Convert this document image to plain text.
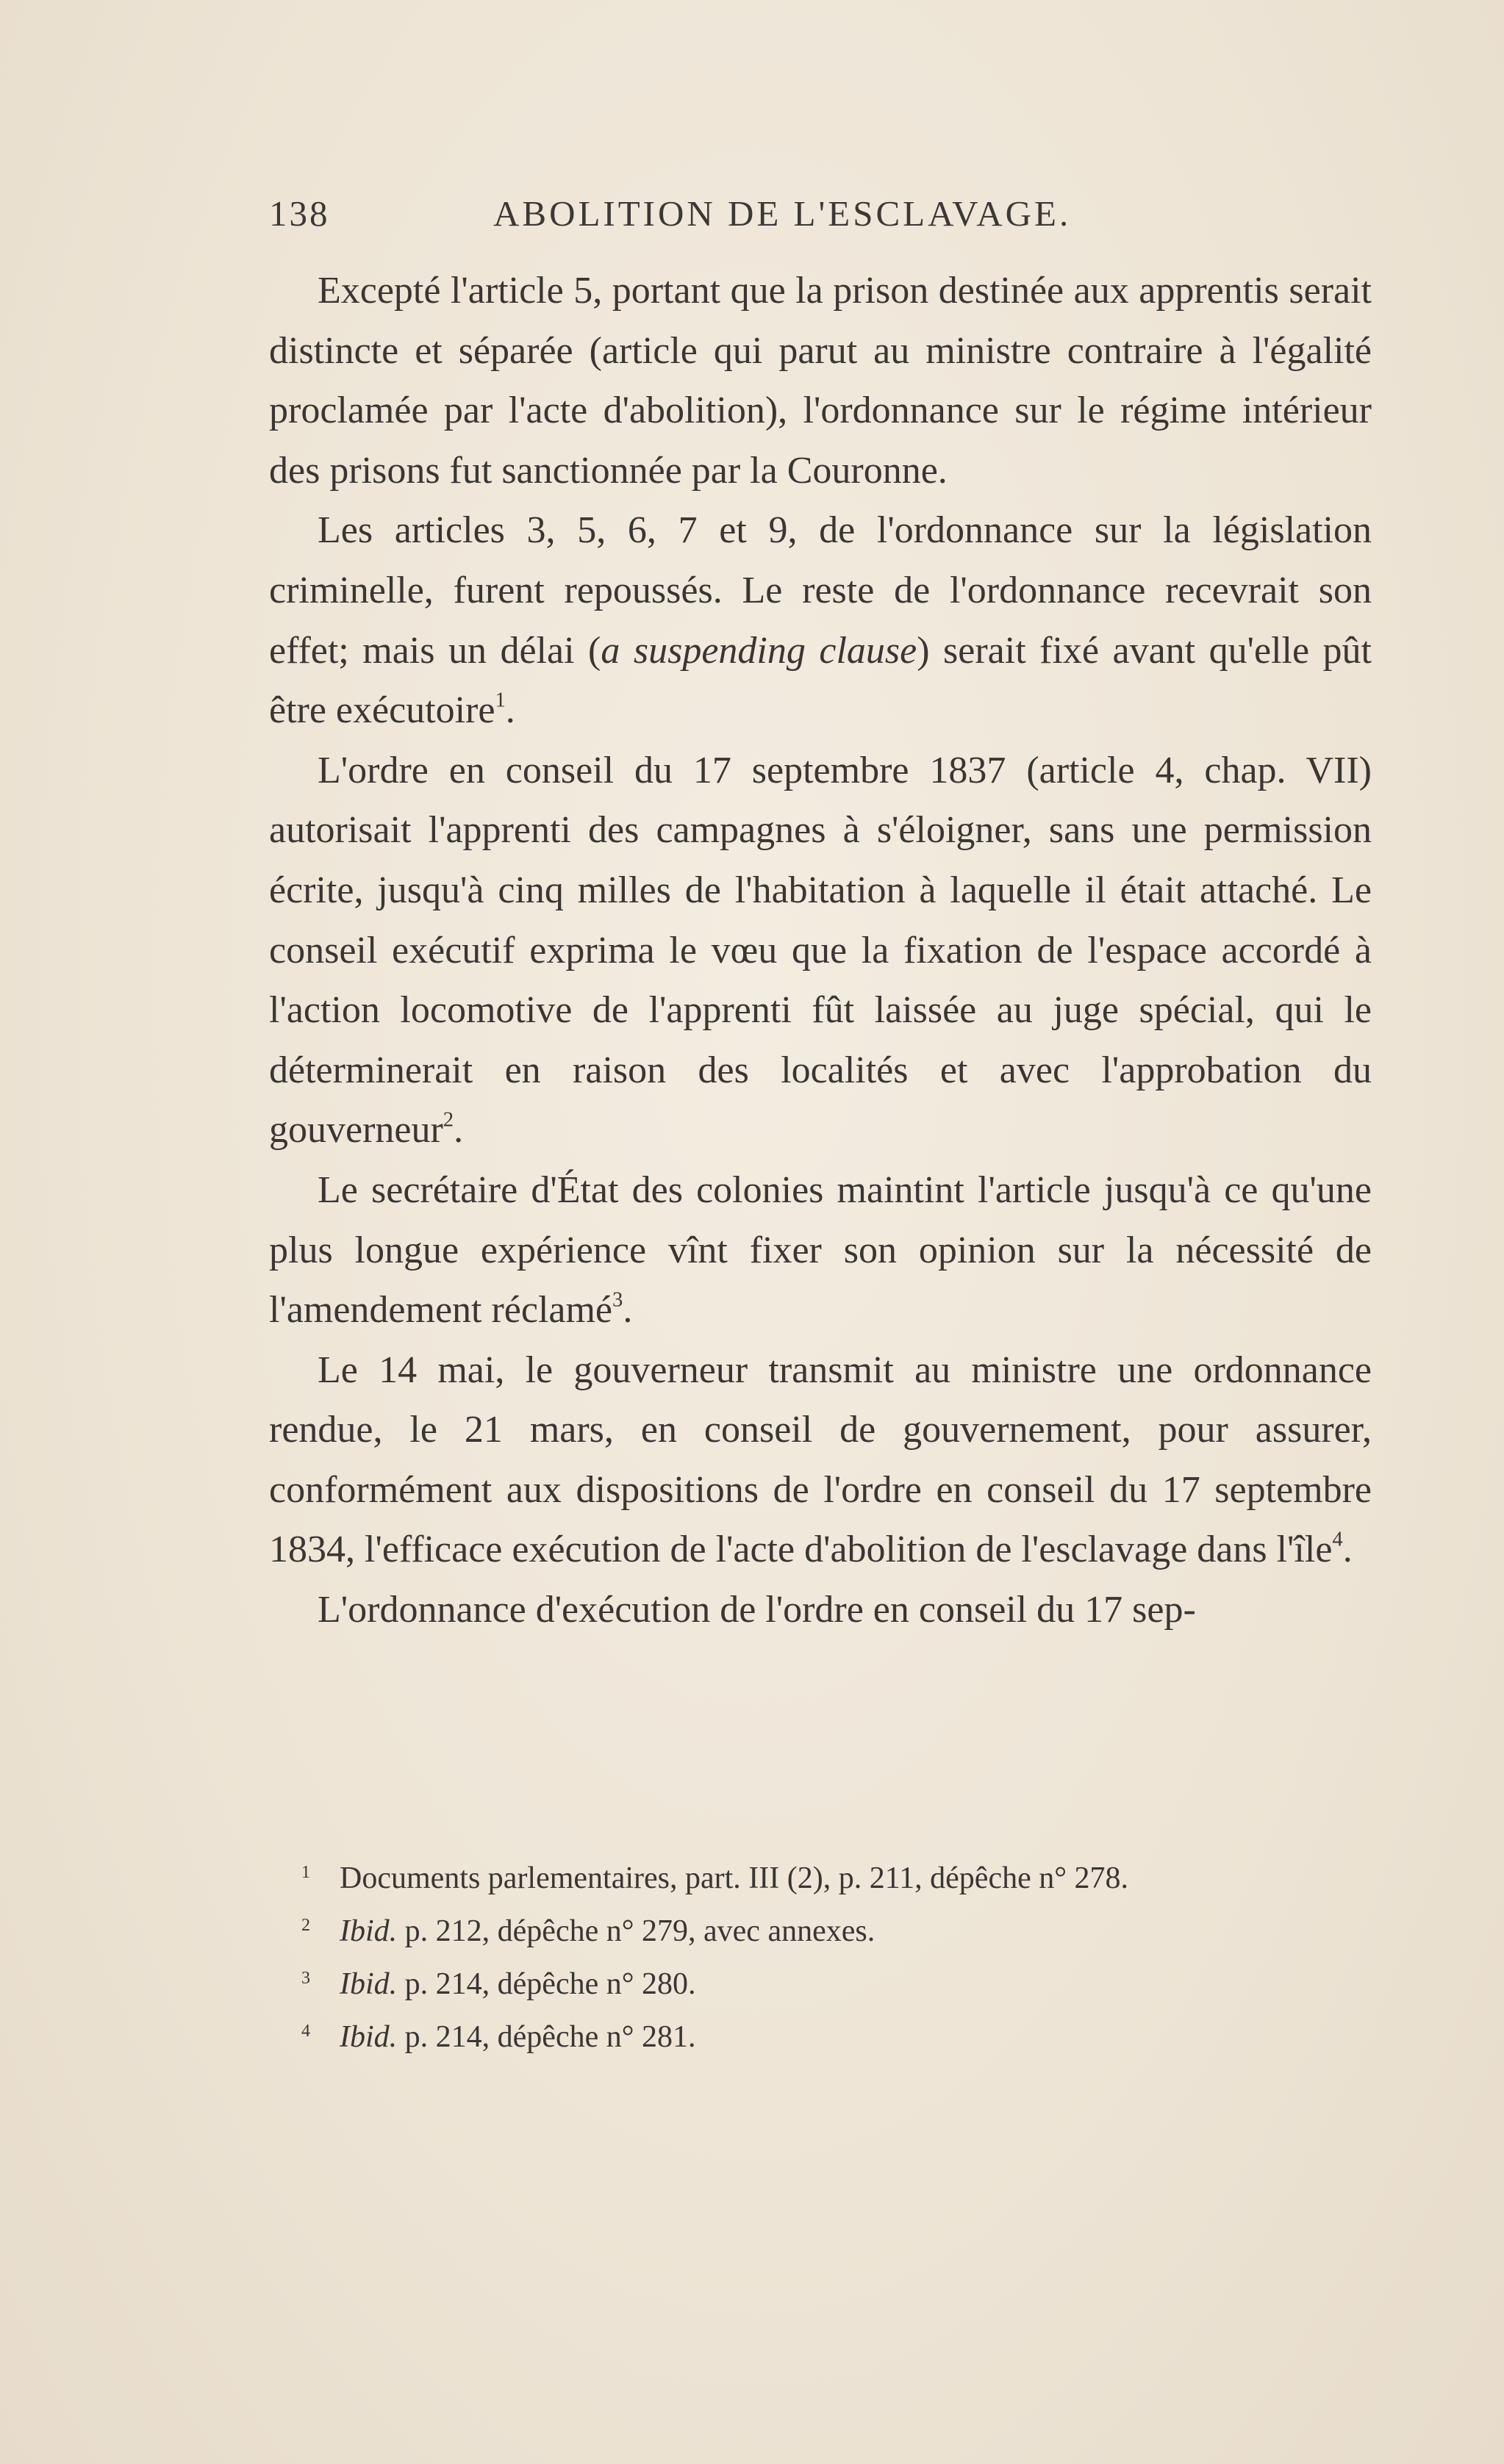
138	ABOLITION DE L'ESCLAVAGE.

Excepté l'article 5, portant que la prison destinée aux apprentis serait distincte et séparée (article qui parut au ministre contraire à l'égalité proclamée par l'acte d'abolition), l'ordonnance sur le régime intérieur des prisons fut sanctionnée par la Couronne.

Les articles 3, 5, 6, 7 et 9, de l'ordonnance sur la législation criminelle, furent repoussés. Le reste de l'ordonnance recevrait son effet; mais un délai (a suspending clause) serait fixé avant qu'elle pût être exécutoire$^1$.

L'ordre en conseil du 17 septembre 1837 (article 4, chap. VII) autorisait l'apprenti des campagnes à s'éloigner, sans une permission écrite, jusqu'à cinq milles de l'habitation à laquelle il était attaché. Le conseil exécutif exprima le vœu que la fixation de l'espace accordé à l'action locomotive de l'apprenti fût laissée au juge spécial, qui le déterminerait en raison des localités et avec l'approbation du gouverneur$^2$.

Le secrétaire d'État des colonies maintint l'article jusqu'à ce qu'une plus longue expérience vînt fixer son opinion sur la nécessité de l'amendement réclamé$^3$.

Le 14 mai, le gouverneur transmit au ministre une ordonnance rendue, le 21 mars, en conseil de gouvernement, pour assurer, conformément aux dispositions de l'ordre en conseil du 17 septembre 1834, l'efficace exécution de l'acte d'abolition de l'esclavage dans l'île$^4$.

L'ordonnance d'exécution de l'ordre en conseil du 17 sep-

1 Documents parlementaires, part. III (2), p. 211, dépêche n° 278.
2 Ibid. p. 212, dépêche n° 279, avec annexes.
3 Ibid. p. 214, dépêche n° 280.
4 Ibid. p. 214, dépêche n° 281.
